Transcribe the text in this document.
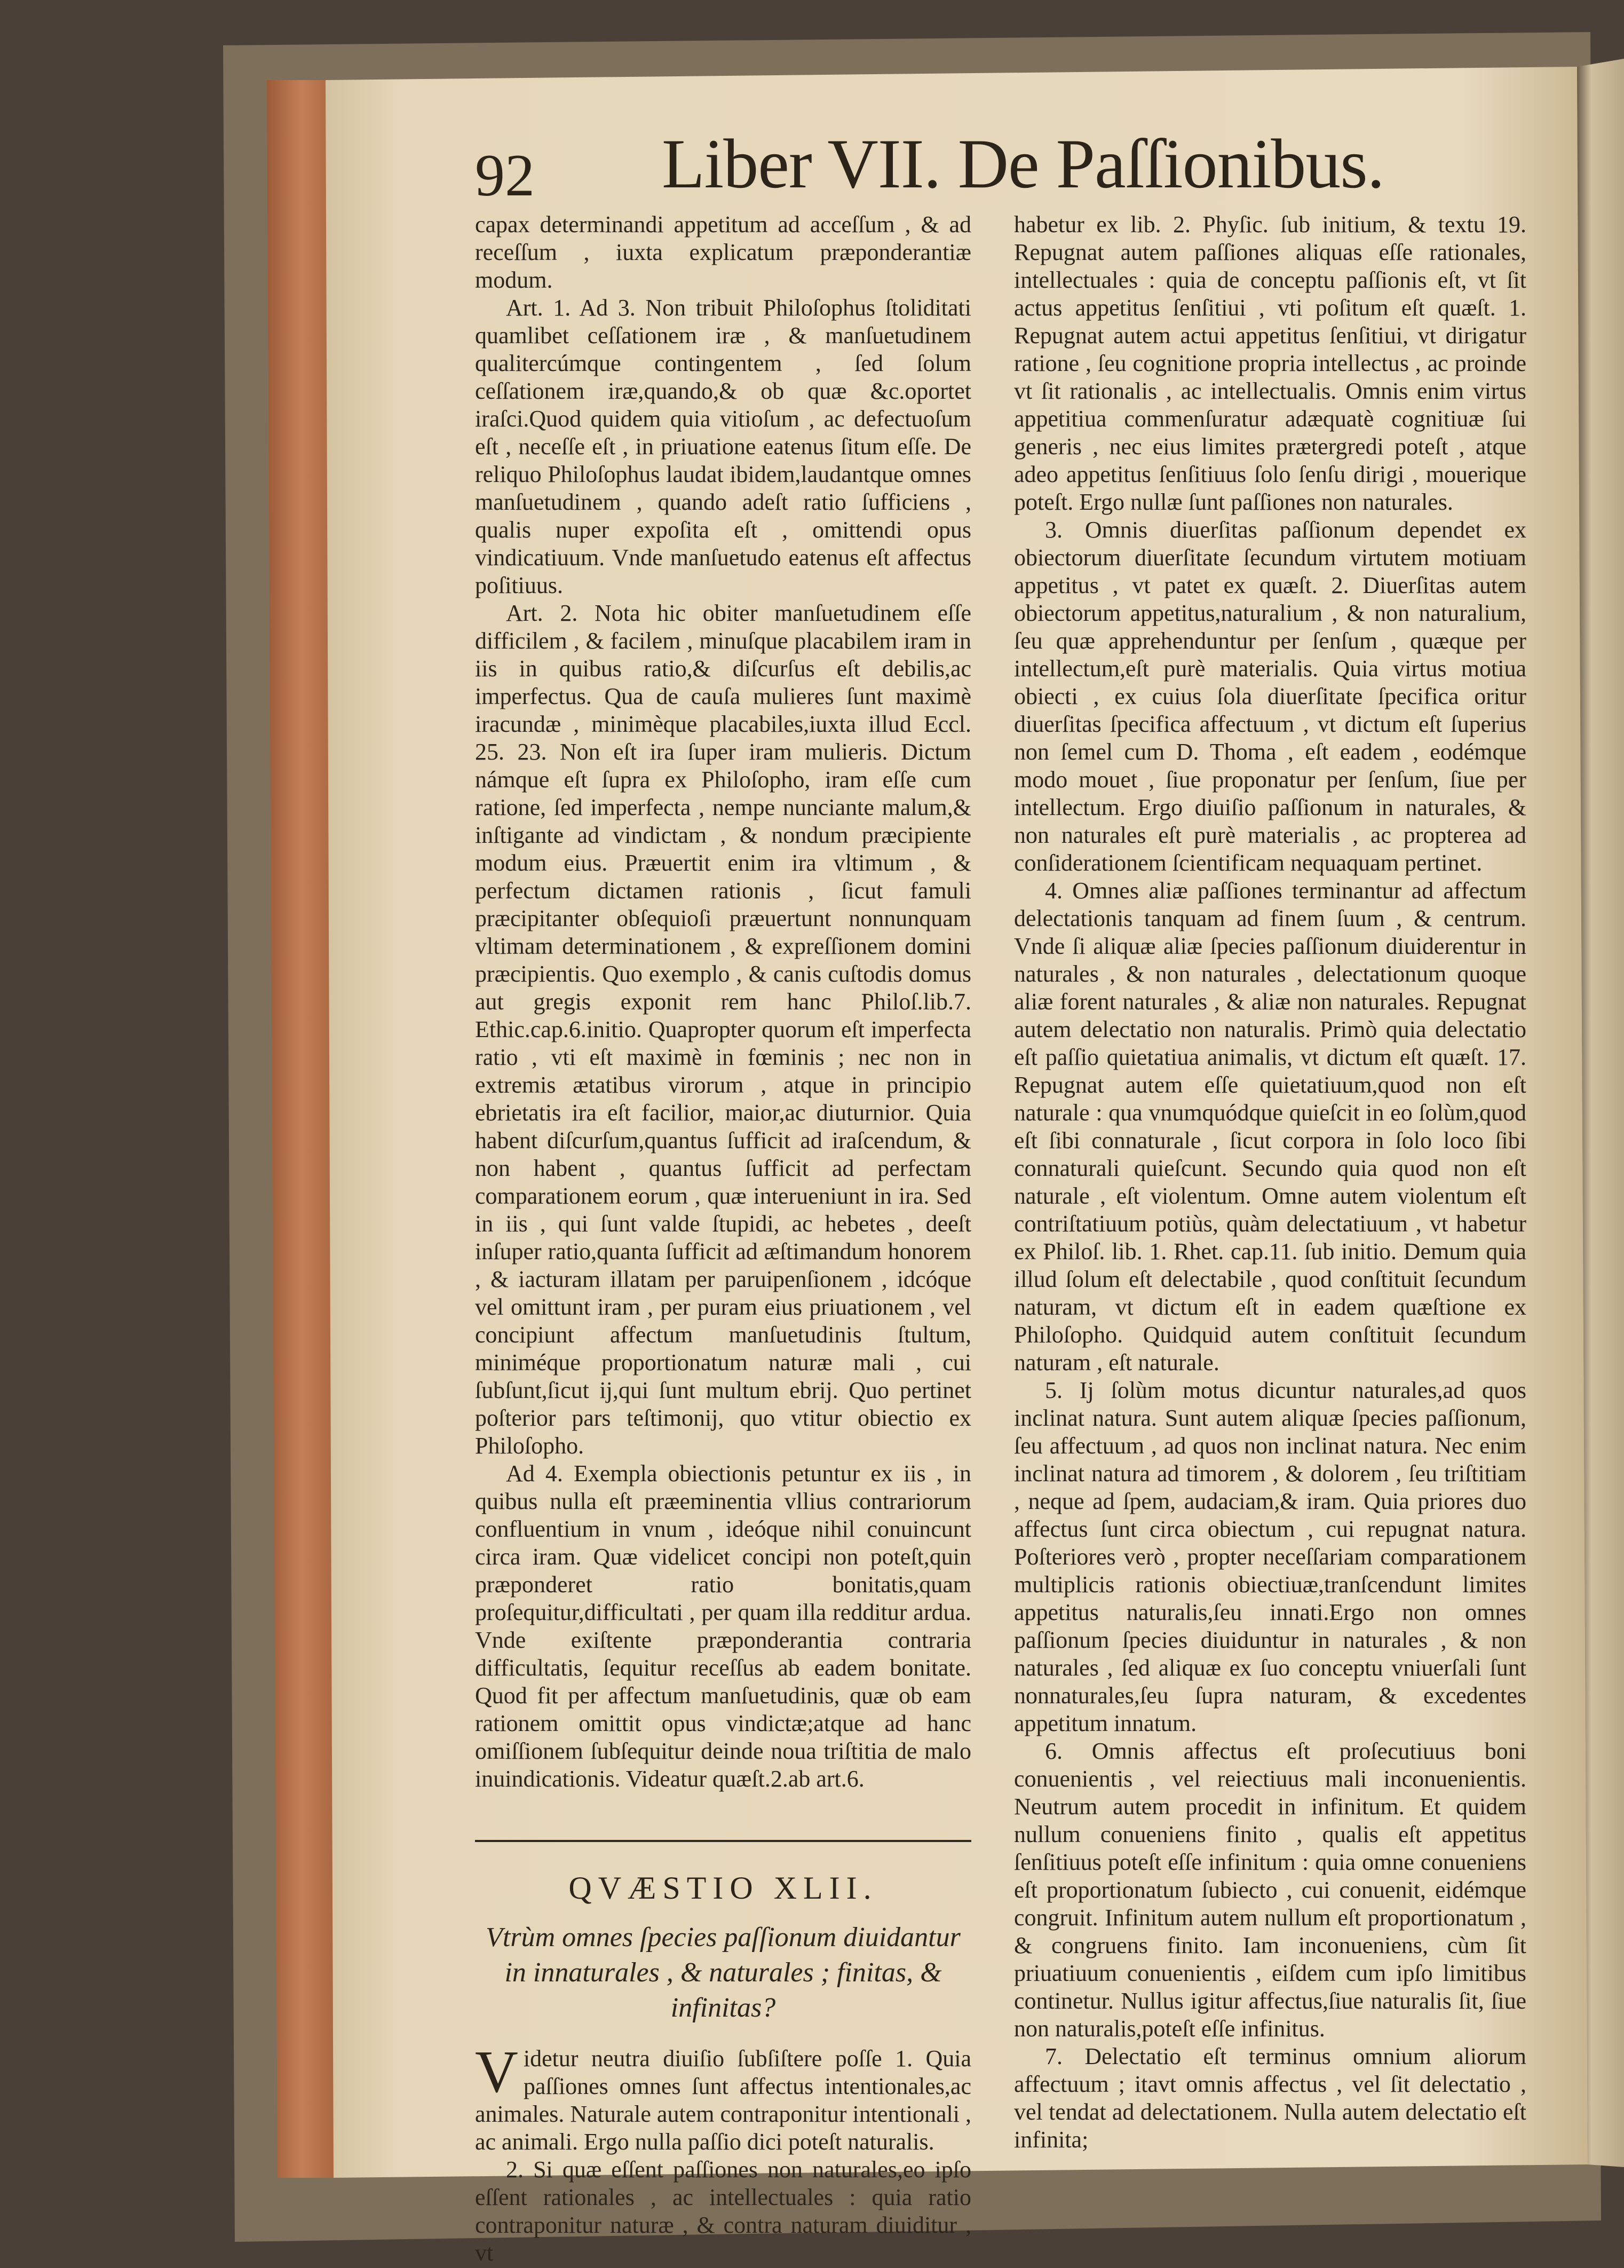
92 Liber VII. De Paſſionibus.

capax determinandi appetitum ad acceſſum , & ad receſſum , iuxta explicatum præponderantiæ modum.

Art. 1. Ad 3. Non tribuit Philoſophus ſtoliditati quamlibet ceſſationem iræ , & manſuetudinem qualitercúmque contingentem , ſed ſolum ceſſationem iræ,quando,& ob quæ &c.oportet iraſci.Quod quidem quia vitioſum , ac defectuoſum eſt , neceſſe eſt , in priuatione eatenus ſitum eſſe. De reliquo Philoſophus laudat ibidem,laudantque omnes manſuetudinem , quando adeſt ratio ſufficiens , qualis nuper expoſita eſt , omittendi opus vindicatiuum. Vnde manſuetudo eatenus eſt affectus poſitiuus.

Art. 2. Nota hic obiter manſuetudinem eſſe difficilem , & facilem , minuſque placabilem iram in iis in quibus ratio,& diſcurſus eſt debilis,ac imperfectus. Qua de cauſa mulieres ſunt maximè iracundæ , minimèque placabiles,iuxta illud Eccl. 25. 23. Non eſt ira ſuper iram mulieris. Dictum námque eſt ſupra ex Philoſopho, iram eſſe cum ratione, ſed imperfecta , nempe nunciante malum,& inſtigante ad vindictam , & nondum præcipiente modum eius. Præuertit enim ira vltimum , & perfectum dictamen rationis , ſicut famuli præcipitanter obſequioſi præuertunt nonnunquam vltimam determinationem , & expreſſionem domini præcipientis. Quo exemplo , & canis cuſtodis domus aut gregis exponit rem hanc Philoſ.lib.7. Ethic.cap.6.initio. Quapropter quorum eſt imperfecta ratio , vti eſt maximè in fœminis ; nec non in extremis ætatibus virorum , atque in principio ebrietatis ira eſt facilior, maior,ac diuturnior. Quia habent diſcurſum,quantus ſufficit ad iraſcendum, & non habent , quantus ſufficit ad perfectam comparationem eorum , quæ interueniunt in ira. Sed in iis , qui ſunt valde ſtupidi, ac hebetes , deeſt inſuper ratio,quanta ſufficit ad æſtimandum honorem , & iacturam illatam per paruipenſionem , idcóque vel omittunt iram , per puram eius priuationem , vel concipiunt affectum manſuetudinis ſtultum, miniméque proportionatum naturæ mali , cui ſubſunt,ſicut ij,qui ſunt multum ebrij. Quo pertinet poſterior pars teſtimonij, quo vtitur obiectio ex Philoſopho.

Ad 4. Exempla obiectionis petuntur ex iis , in quibus nulla eſt præeminentia vllius contrariorum confluentium in vnum , ideóque nihil conuincunt circa iram. Quæ videlicet concipi non poteſt,quin præponderet ratio bonitatis,quam proſequitur,difficultati , per quam illa redditur ardua. Vnde exiſtente præponderantia contraria difficultatis, ſequitur receſſus ab eadem bonitate. Quod fit per affectum manſuetudinis, quæ ob eam rationem omittit opus vindictæ;atque ad hanc omiſſionem ſubſequitur deinde noua triſtitia de malo inuindicationis. Videatur quæſt.2.ab art.6.

QVÆSTIO XLII.
Vtrùm omnes ſpecies paſſionum diuidantur in innaturales , & naturales ; finitas, & infinitas?

Videtur neutra diuiſio ſubſiſtere poſſe 1. Quia paſſiones omnes ſunt affectus intentionales,ac animales. Naturale autem contraponitur intentionali , ac animali. Ergo nulla paſſio dici poteſt naturalis.

2. Si quæ eſſent paſſiones non naturales,eo ipſo eſſent rationales , ac intellectuales : quia ratio contraponitur naturæ , & contra naturam diuiditur , vt

habetur ex lib. 2. Phyſic. ſub initium, & textu 19. Repugnat autem paſſiones aliquas eſſe rationales, intellectuales : quia de conceptu paſſionis eſt, vt ſit actus appetitus ſenſitiui , vti poſitum eſt quæſt. 1. Repugnat autem actui appetitus ſenſitiui, vt dirigatur ratione , ſeu cognitione propria intellectus , ac proinde vt ſit rationalis , ac intellectualis. Omnis enim virtus appetitiua commenſuratur adæquatè cognitiuæ ſui generis , nec eius limites prætergredi poteſt , atque adeo appetitus ſenſitiuus ſolo ſenſu dirigi , mouerique poteſt. Ergo nullæ ſunt paſſiones non naturales.

3. Omnis diuerſitas paſſionum dependet ex obiectorum diuerſitate ſecundum virtutem motiuam appetitus , vt patet ex quæſt. 2. Diuerſitas autem obiectorum appetitus,naturalium , & non naturalium, ſeu quæ apprehenduntur per ſenſum , quæque per intellectum,eſt purè materialis. Quia virtus motiua obiecti , ex cuius ſola diuerſitate ſpecifica oritur diuerſitas ſpecifica affectuum , vt dictum eſt ſuperius non ſemel cum D. Thoma , eſt eadem , eodémque modo mouet , ſiue proponatur per ſenſum, ſiue per intellectum. Ergo diuiſio paſſionum in naturales, & non naturales eſt purè materialis , ac propterea ad conſiderationem ſcientificam nequaquam pertinet.

4. Omnes aliæ paſſiones terminantur ad affectum delectationis tanquam ad finem ſuum , & centrum. Vnde ſi aliquæ aliæ ſpecies paſſionum diuiderentur in naturales , & non naturales , delectationum quoque aliæ forent naturales , & aliæ non naturales. Repugnat autem delectatio non naturalis. Primò quia delectatio eſt paſſio quietatiua animalis, vt dictum eſt quæſt. 17. Repugnat autem eſſe quietatiuum,quod non eſt naturale : qua vnumquódque quieſcit in eo ſolùm,quod eſt ſibi connaturale , ſicut corpora in ſolo loco ſibi connaturali quieſcunt. Secundo quia quod non eſt naturale , eſt violentum. Omne autem violentum eſt contriſtatiuum potiùs, quàm delectatiuum , vt habetur ex Philoſ. lib. 1. Rhet. cap.11. ſub initio. Demum quia illud ſolum eſt delectabile , quod conſtituit ſecundum naturam, vt dictum eſt in eadem quæſtione ex Philoſopho. Quidquid autem conſtituit ſecundum naturam , eſt naturale.

5. Ij ſolùm motus dicuntur naturales,ad quos inclinat natura. Sunt autem aliquæ ſpecies paſſionum, ſeu affectuum , ad quos non inclinat natura. Nec enim inclinat natura ad timorem , & dolorem , ſeu triſtitiam , neque ad ſpem, audaciam,& iram. Quia priores duo affectus ſunt circa obiectum , cui repugnat natura. Poſteriores verò , propter neceſſariam comparationem multiplicis rationis obiectiuæ,tranſcendunt limites appetitus naturalis,ſeu innati.Ergo non omnes paſſionum ſpecies diuiduntur in naturales , & non naturales , ſed aliquæ ex ſuo conceptu vniuerſali ſunt nonnaturales,ſeu ſupra naturam, & excedentes appetitum innatum.

6. Omnis affectus eſt proſecutiuus boni conuenientis , vel reiectiuus mali inconuenientis. Neutrum autem procedit in infinitum. Et quidem nullum conueniens finito , qualis eſt appetitus ſenſitiuus poteſt eſſe infinitum : quia omne conueniens eſt proportionatum ſubiecto , cui conuenit, eidémque congruit. Infinitum autem nullum eſt proportionatum , & congruens finito. Iam inconueniens, cùm ſit priuatiuum conuenientis , eiſdem cum ipſo limitibus continetur. Nullus igitur affectus,ſiue naturalis ſit, ſiue non naturalis,poteſt eſſe infinitus.

7. Delectatio eſt terminus omnium aliorum affectuum ; itavt omnis affectus , vel ſit delectatio , vel tendat ad delectationem. Nulla autem delectatio eſt infinita;
